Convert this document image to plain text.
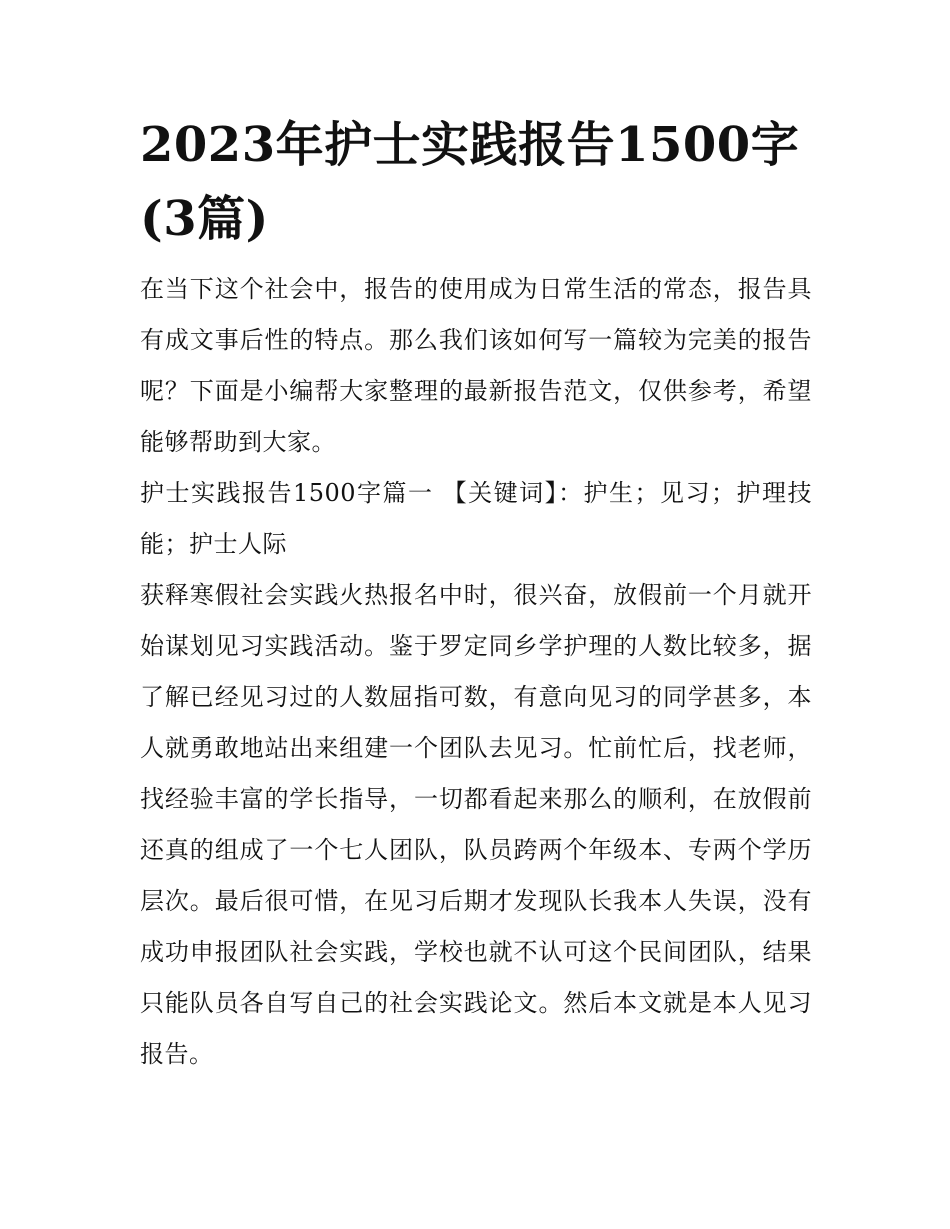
2023年护士实践报告1500字(3篇)

在当下这个社会中，报告的使用成为日常生活的常态，报告具有成文事后性的特点。那么我们该如何写一篇较为完美的报告呢？下面是小编帮大家整理的最新报告范文，仅供参考，希望能够帮助到大家。

护士实践报告1500字篇一 【关键词】：护生；见习；护理技能；护士人际

获释寒假社会实践火热报名中时，很兴奋，放假前一个月就开始谋划见习实践活动。鉴于罗定同乡学护理的人数比较多，据了解已经见习过的人数屈指可数，有意向见习的同学甚多，本人就勇敢地站出来组建一个团队去见习。忙前忙后，找老师，找经验丰富的学长指导，一切都看起来那么的顺利，在放假前还真的组成了一个七人团队，队员跨两个年级本、专两个学历层次。最后很可惜，在见习后期才发现队长我本人失误，没有成功申报团队社会实践，学校也就不认可这个民间团队，结果只能队员各自写自己的社会实践论文。然后本文就是本人见习报告。
